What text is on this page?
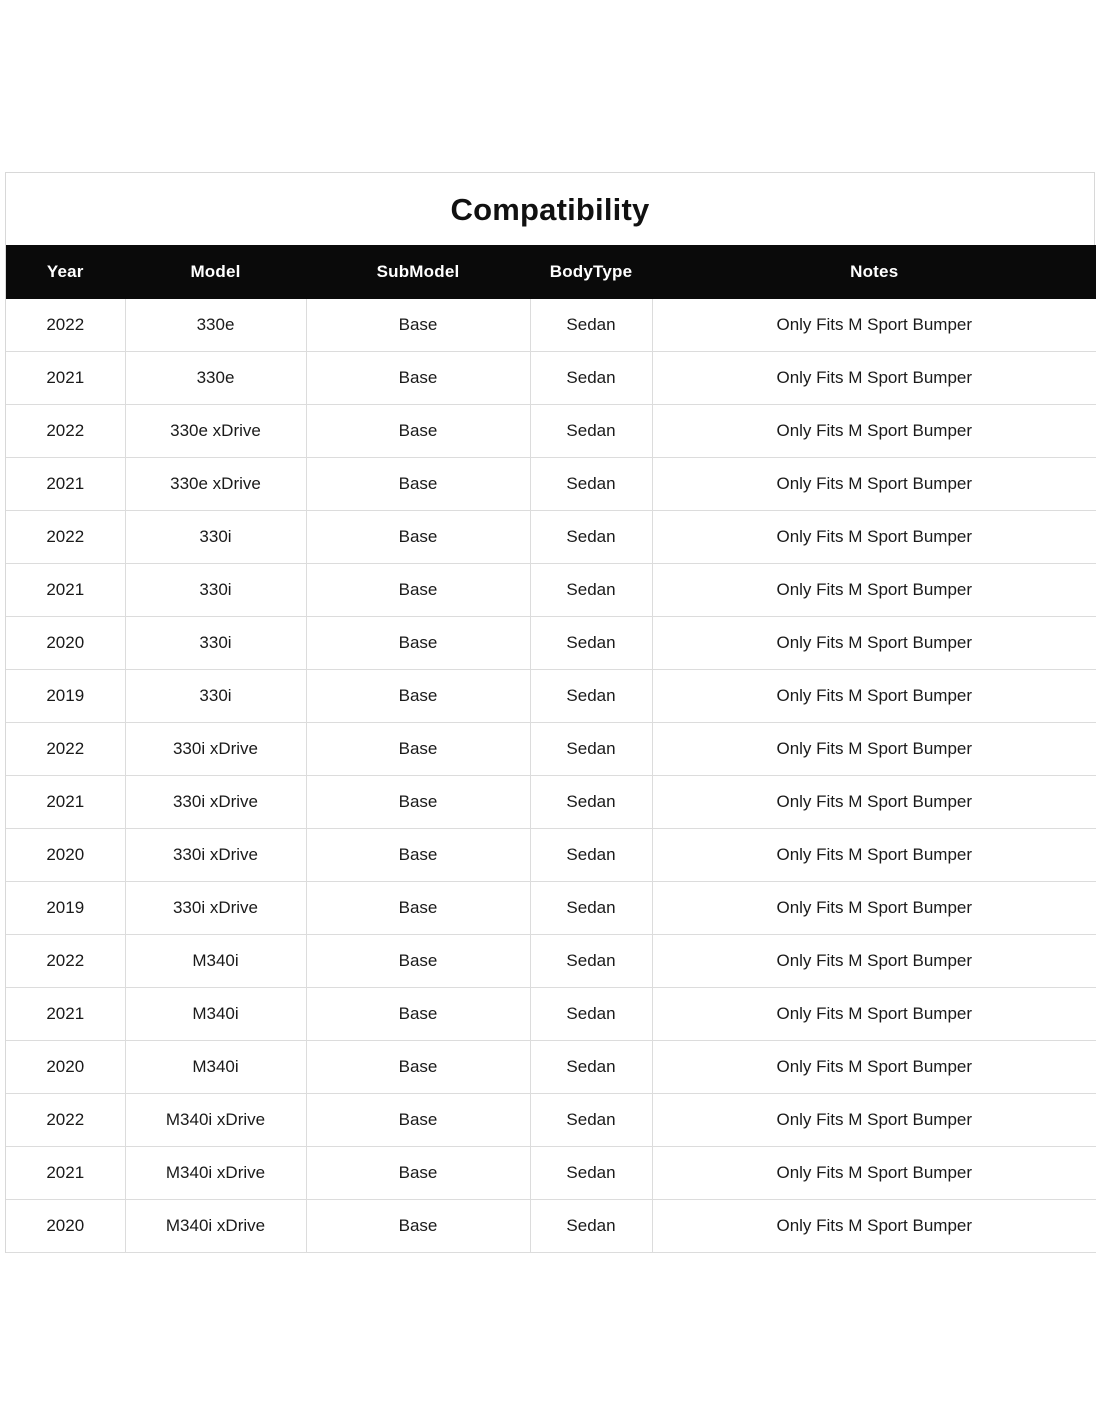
Compatibility
Year	Model	SubModel	BodyType	Notes
2022	330e	Base	Sedan	Only Fits M Sport Bumper
2021	330e	Base	Sedan	Only Fits M Sport Bumper
2022	330e xDrive	Base	Sedan	Only Fits M Sport Bumper
2021	330e xDrive	Base	Sedan	Only Fits M Sport Bumper
2022	330i	Base	Sedan	Only Fits M Sport Bumper
2021	330i	Base	Sedan	Only Fits M Sport Bumper
2020	330i	Base	Sedan	Only Fits M Sport Bumper
2019	330i	Base	Sedan	Only Fits M Sport Bumper
2022	330i xDrive	Base	Sedan	Only Fits M Sport Bumper
2021	330i xDrive	Base	Sedan	Only Fits M Sport Bumper
2020	330i xDrive	Base	Sedan	Only Fits M Sport Bumper
2019	330i xDrive	Base	Sedan	Only Fits M Sport Bumper
2022	M340i	Base	Sedan	Only Fits M Sport Bumper
2021	M340i	Base	Sedan	Only Fits M Sport Bumper
2020	M340i	Base	Sedan	Only Fits M Sport Bumper
2022	M340i xDrive	Base	Sedan	Only Fits M Sport Bumper
2021	M340i xDrive	Base	Sedan	Only Fits M Sport Bumper
2020	M340i xDrive	Base	Sedan	Only Fits M Sport Bumper
